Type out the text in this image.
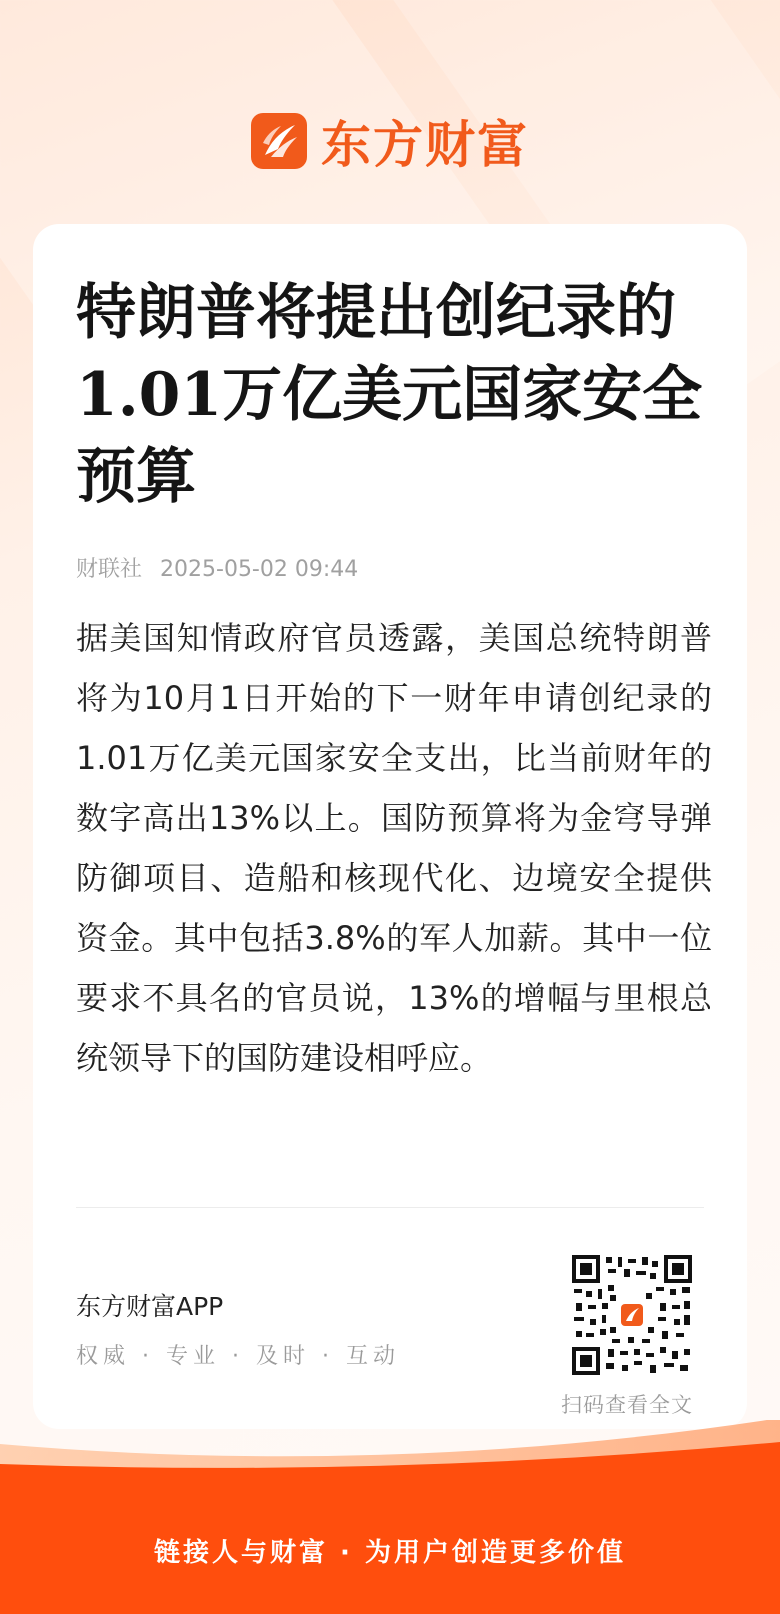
东方财富
特朗普将提出创纪录的1.01万亿美元国家安全预算
财联社 2025-05-02 09:44

据美国知情政府官员透露，美国总统特朗普将为10月1日开始的下一财年申请创纪录的1.01万亿美元国家安全支出，比当前财年的数字高出13%以上。国防预算将为金穹导弹防御项目、造船和核现代化、边境安全提供资金。其中包括3.8%的军人加薪。其中一位要求不具名的官员说，13%的增幅与里根总统领导下的国防建设相呼应。

东方财富APP
权威 · 专业 · 及时 · 互动
扫码查看全文
链接人与财富 · 为用户创造更多价值
